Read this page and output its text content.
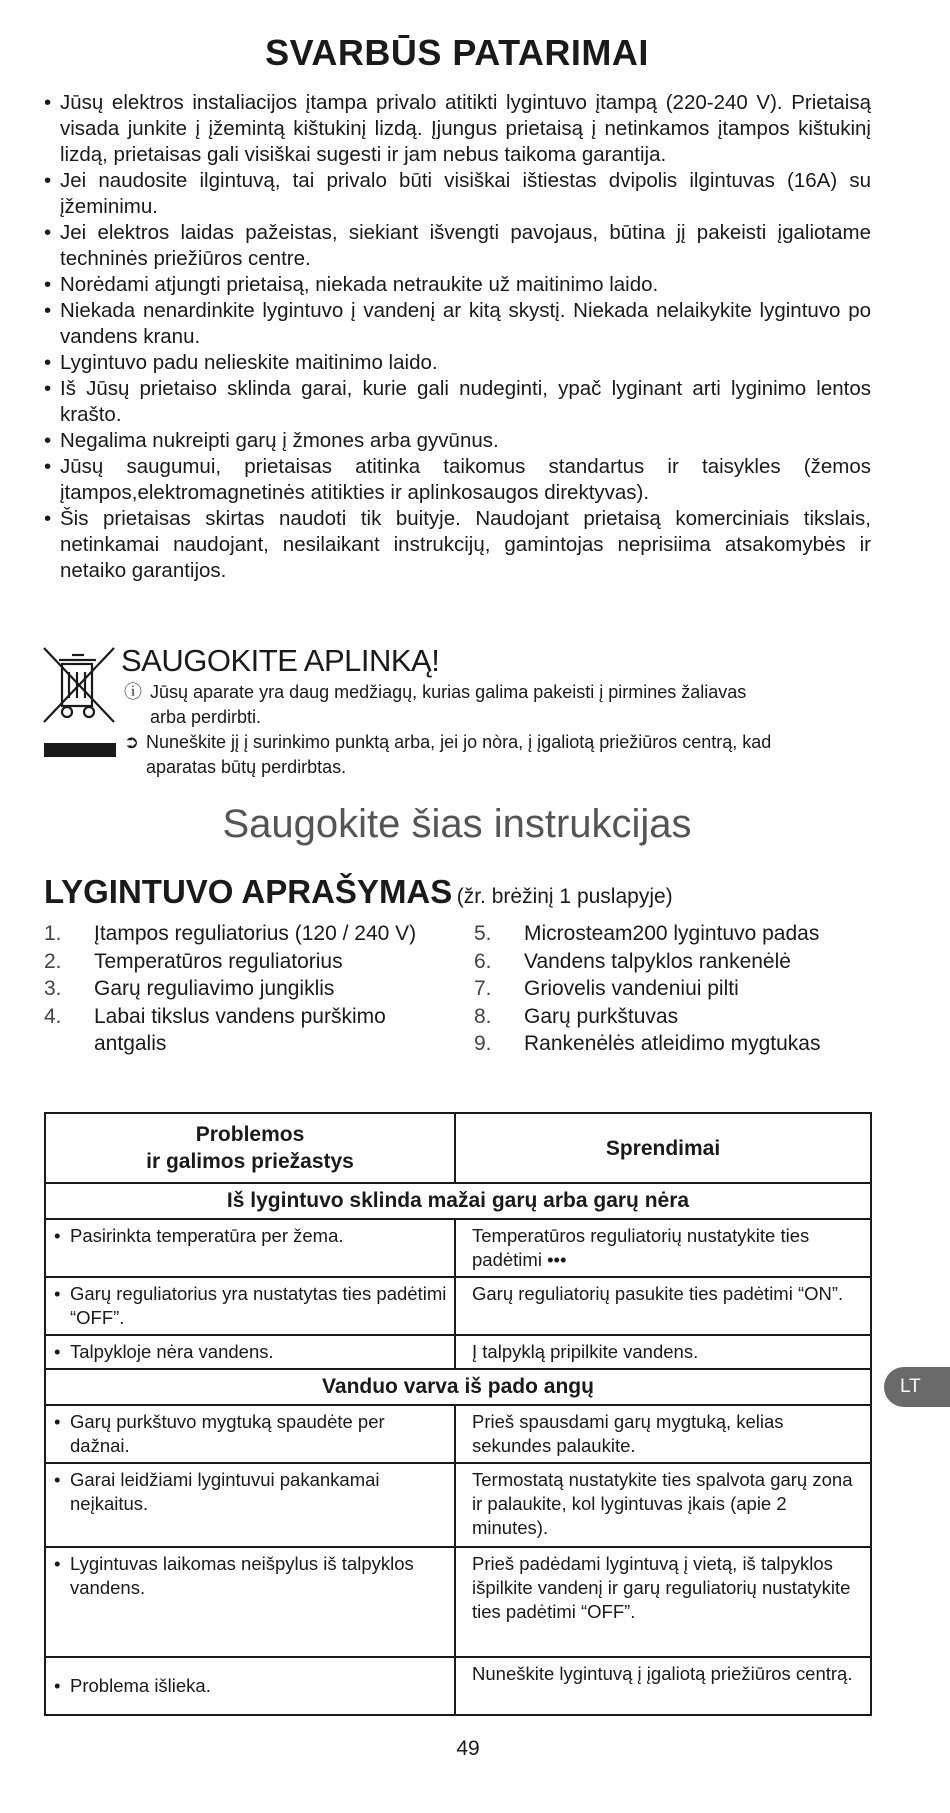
SVARBŪS PATARIMAI
• Jūsų elektros instaliacijos įtampa privalo atitikti lygintuvo įtampą (220-240 V). Prietaisą visada junkite į įžemintą kištukinį lizdą. Įjungus prietaisą į netinkamos įtampos kištukinį lizdą, prietaisas gali visiškai sugesti ir jam nebus taikoma garantija.
• Jei naudosite ilgintuvą, tai privalo būti visiškai ištiestas dvipolis ilgintuvas (16A) su įžeminimu.
• Jei elektros laidas pažeistas, siekiant išvengti pavojaus, būtina jį pakeisti įgaliotame techninės priežiūros centre.
• Norėdami atjungti prietaisą, niekada netraukite už maitinimo laido.
• Niekada nenardinkite lygintuvo į vandenį ar kitą skystį. Niekada nelaikykite lygintuvo po vandens kranu.
• Lygintuvo padu nelieskite maitinimo laido.
• Iš Jūsų prietaiso sklinda garai, kurie gali nudeginti, ypač lyginant arti lyginimo lentos krašto.
• Negalima nukreipti garų į žmones arba gyvūnus.
• Jūsų saugumui, prietaisas atitinka taikomus standartus ir taisykles (žemos įtampos,elektromagnetinės atitikties ir aplinkosaugos direktyvas).
• Šis prietaisas skirtas naudoti tik buityje. Naudojant prietaisą komerciniais tikslais, netinkamai naudojant, nesilaikant instrukcijų, gamintojas neprisiima atsakomybės ir netaiko garantijos.
SAUGOKITE APLINKĄ!
ⓘ Jūsų aparate yra daug medžiagų, kurias galima pakeisti į pirmines žaliavas
arba perdirbti.
➲ Nuneškite jį į surinkimo punktą arba, jei jo nòra, į įgaliotą priežiūros centrą, kad
aparatas būtų perdirbtas.
Saugokite šias instrukcijas
LYGINTUVO APRAŠYMAS (žr. brėžinį 1 puslapyje)
1.	Įtampos reguliatorius (120 / 240 V)
2.	Temperatūros reguliatorius
3.	Garų reguliavimo jungiklis
4.	Labai tikslus vandens purškimo antgalis
5.	Microsteam200 lygintuvo padas
6.	Vandens talpyklos rankenėlė
7.	Griovelis vandeniui pilti
8.	Garų purkštuvas
9.	Rankenėlės atleidimo mygtukas
Problemos
ir galimos priežastys	Sprendimai
Iš lygintuvo sklinda mažai garų arba garų nėra	
• Pasirinkta temperatūra per žema.	Temperatūros reguliatorių nustatykite ties padėtimi •••
• Garų reguliatorius yra nustatytas ties padėtimi “OFF”.	Garų reguliatorių pasukite ties padėtimi “ON”.
• Talpykloje nėra vandens.	Į talpyklą pripilkite vandens.
Vanduo varva iš pado angų	
• Garų purkštuvo mygtuką spaudėte per dažnai.	Prieš spausdami garų mygtuką, kelias sekundes palaukite.
• Garai leidžiami lygintuvui pakankamai neįkaitus.	Termostatą nustatykite ties spalvota garų zona ir palaukite, kol lygintuvas įkais (apie 2 minutes).
• Lygintuvas laikomas neišpylus iš talpyklos vandens.	Prieš padėdami lygintuvą į vietą, iš talpyklos išpilkite vandenį ir garų reguliatorių nustatykite ties padėtimi “OFF”.
• Problema išlieka.	Nuneškite lygintuvą į įgaliotą priežiūros centrą.
LT
49
